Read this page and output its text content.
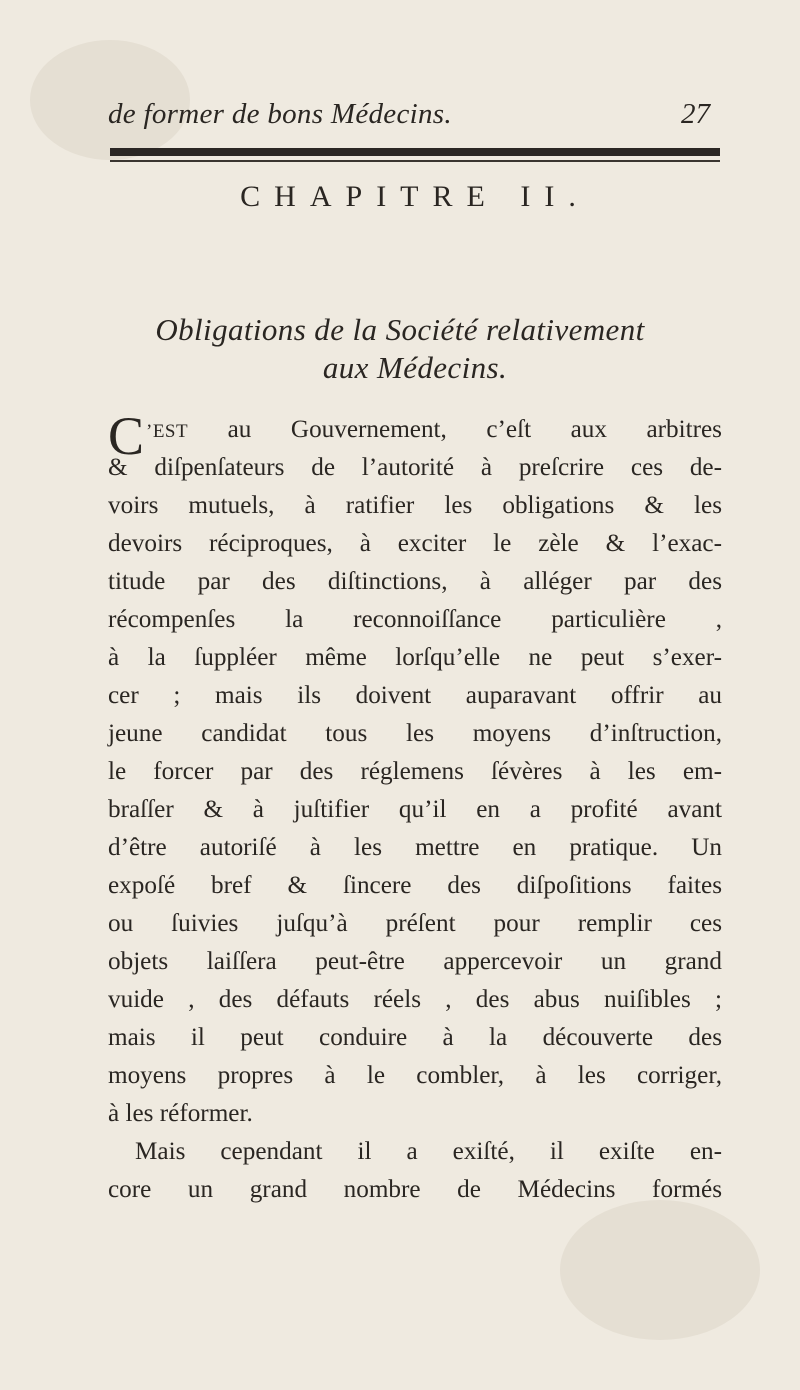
de former de bons Médecins.	27
CHAPITRE II.
Obligations de la Société relativement
aux Médecins.
C ’EST au Gouvernement, c’eſt aux arbitres
& diſpenſateurs de l’autorité à preſcrire ces de-
voirs mutuels, à ratifier les obligations & les
devoirs réciproques, à exciter le zèle & l’exac-
titude par des diſtinctions, à alléger par des
récompenſes la reconnoiſſance particulière ,
à la ſuppléer même lorſqu’elle ne peut s’exer-
cer ; mais ils doivent auparavant offrir au
jeune candidat tous les moyens d’inſtruction,
le forcer par des réglemens ſévères à les em-
braſſer & à juſtifier qu’il en a profité avant
d’être autoriſé à les mettre en pratique. Un
expoſé bref & ſincere des diſpoſitions faites
ou ſuivies juſqu’à préſent pour remplir ces
objets laiſſera peut-être appercevoir un grand
vuide , des défauts réels , des abus nuiſibles ;
mais il peut conduire à la découverte des
moyens propres à le combler, à les corriger,
à les réformer.
Mais cependant il a exiſté, il exiſte en-
core un grand nombre de Médecins formés
